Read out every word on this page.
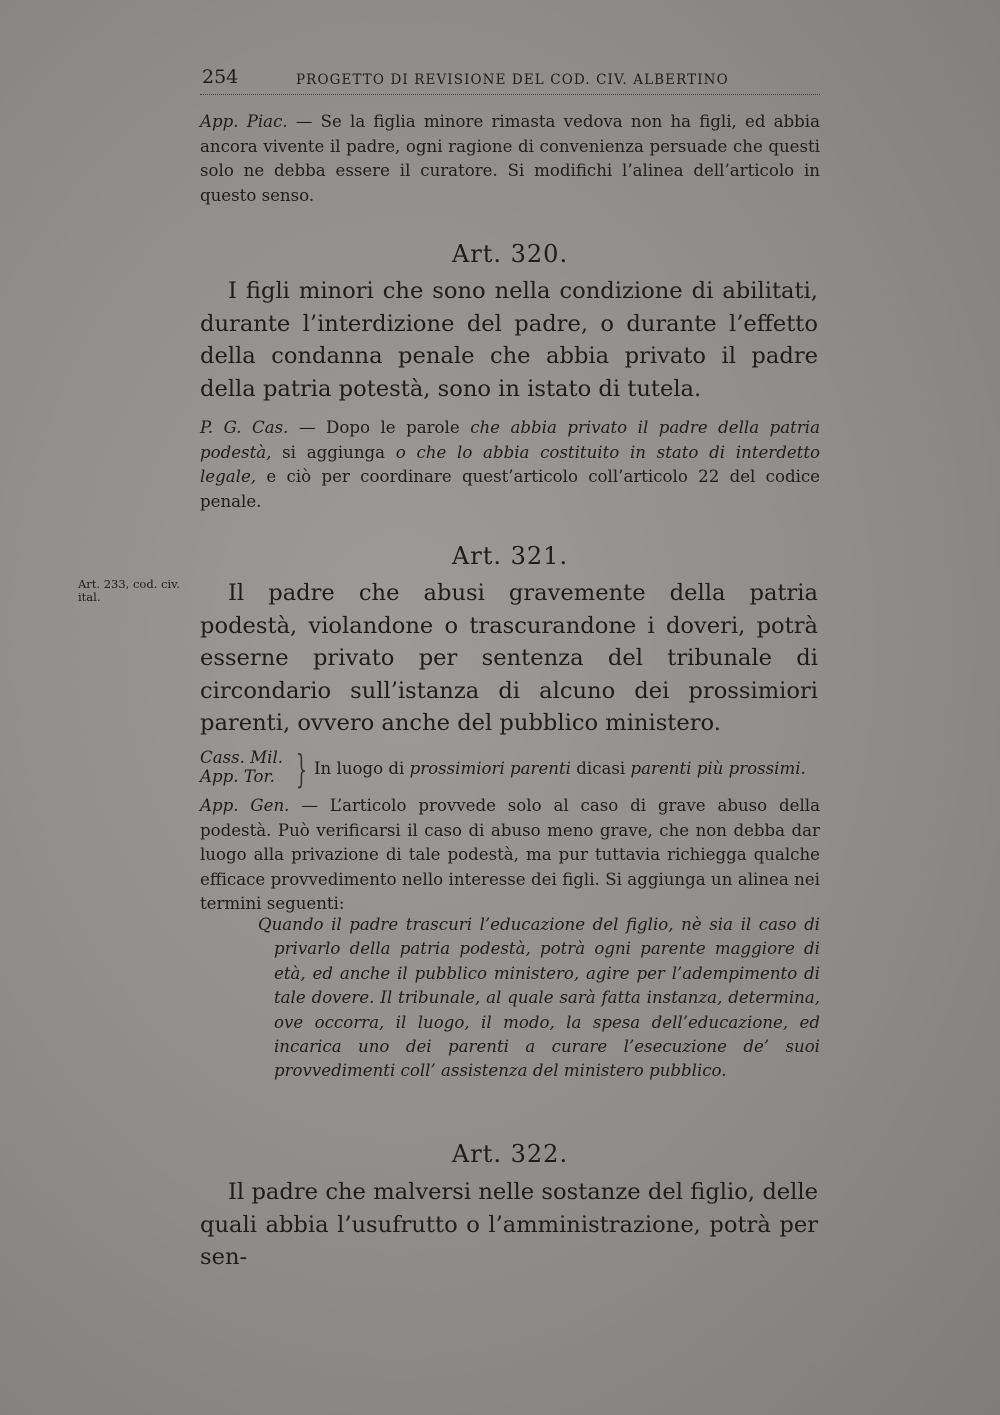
254	PROGETTO DI REVISIONE DEL COD. CIV. ALBERTINO
App. Piac. — Se la figlia minore rimasta vedova non ha figli, ed abbia ancora vivente il padre, ogni ragione di convenienza persuade che questi solo ne debba essere il curatore. Si modifichi l’alinea dell’articolo in questo senso.
Art. 320.
I figli minori che sono nella condizione di abilitati, durante l’interdizione del padre, o durante l’effetto della condanna penale che abbia privato il padre della patria potestà, sono in istato di tutela.
P. G. Cas. — Dopo le parole che abbia privato il padre della patria podestà, si aggiunga o che lo abbia costituito in stato di interdetto legale, e ciò per coordinare quest’articolo coll’articolo 22 del codice penale.
Art. 321.
Art. 233, cod. civ. ital.	Il padre che abusi gravemente della patria podestà, violandone o trascurandone i doveri, potrà esserne privato per sentenza del tribunale di circondario sull’istanza di alcuno dei prossimiori parenti, ovvero anche del pubblico ministero.
Cass. Mil.
App. Tor. } In luogo di prossimiori parenti dicasi parenti più prossimi.
App. Gen. — L’articolo provvede solo al caso di grave abuso della podestà. Può verificarsi il caso di abuso meno grave, che non debba dar luogo alla privazione di tale podestà, ma pur tuttavia richiegga qualche efficace provvedimento nello interesse dei figli. Si aggiunga un alinea nei termini seguenti:
Quando il padre trascuri l’educazione del figlio, nè sia il caso di privarlo della patria podestà, potrà ogni parente maggiore di età, ed anche il pubblico ministero, agire per l’adempimento di tale dovere. Il tribunale, al quale sarà fatta instanza, determina, ove occorra, il luogo, il modo, la spesa dell’educazione, ed incarica uno dei parenti a curare l’esecuzione de’ suoi provvedimenti coll’ assistenza del ministero pubblico.
Art. 322.
Il padre che malversi nelle sostanze del figlio, delle quali abbia l’usufrutto o l’amministrazione, potrà per sen-
